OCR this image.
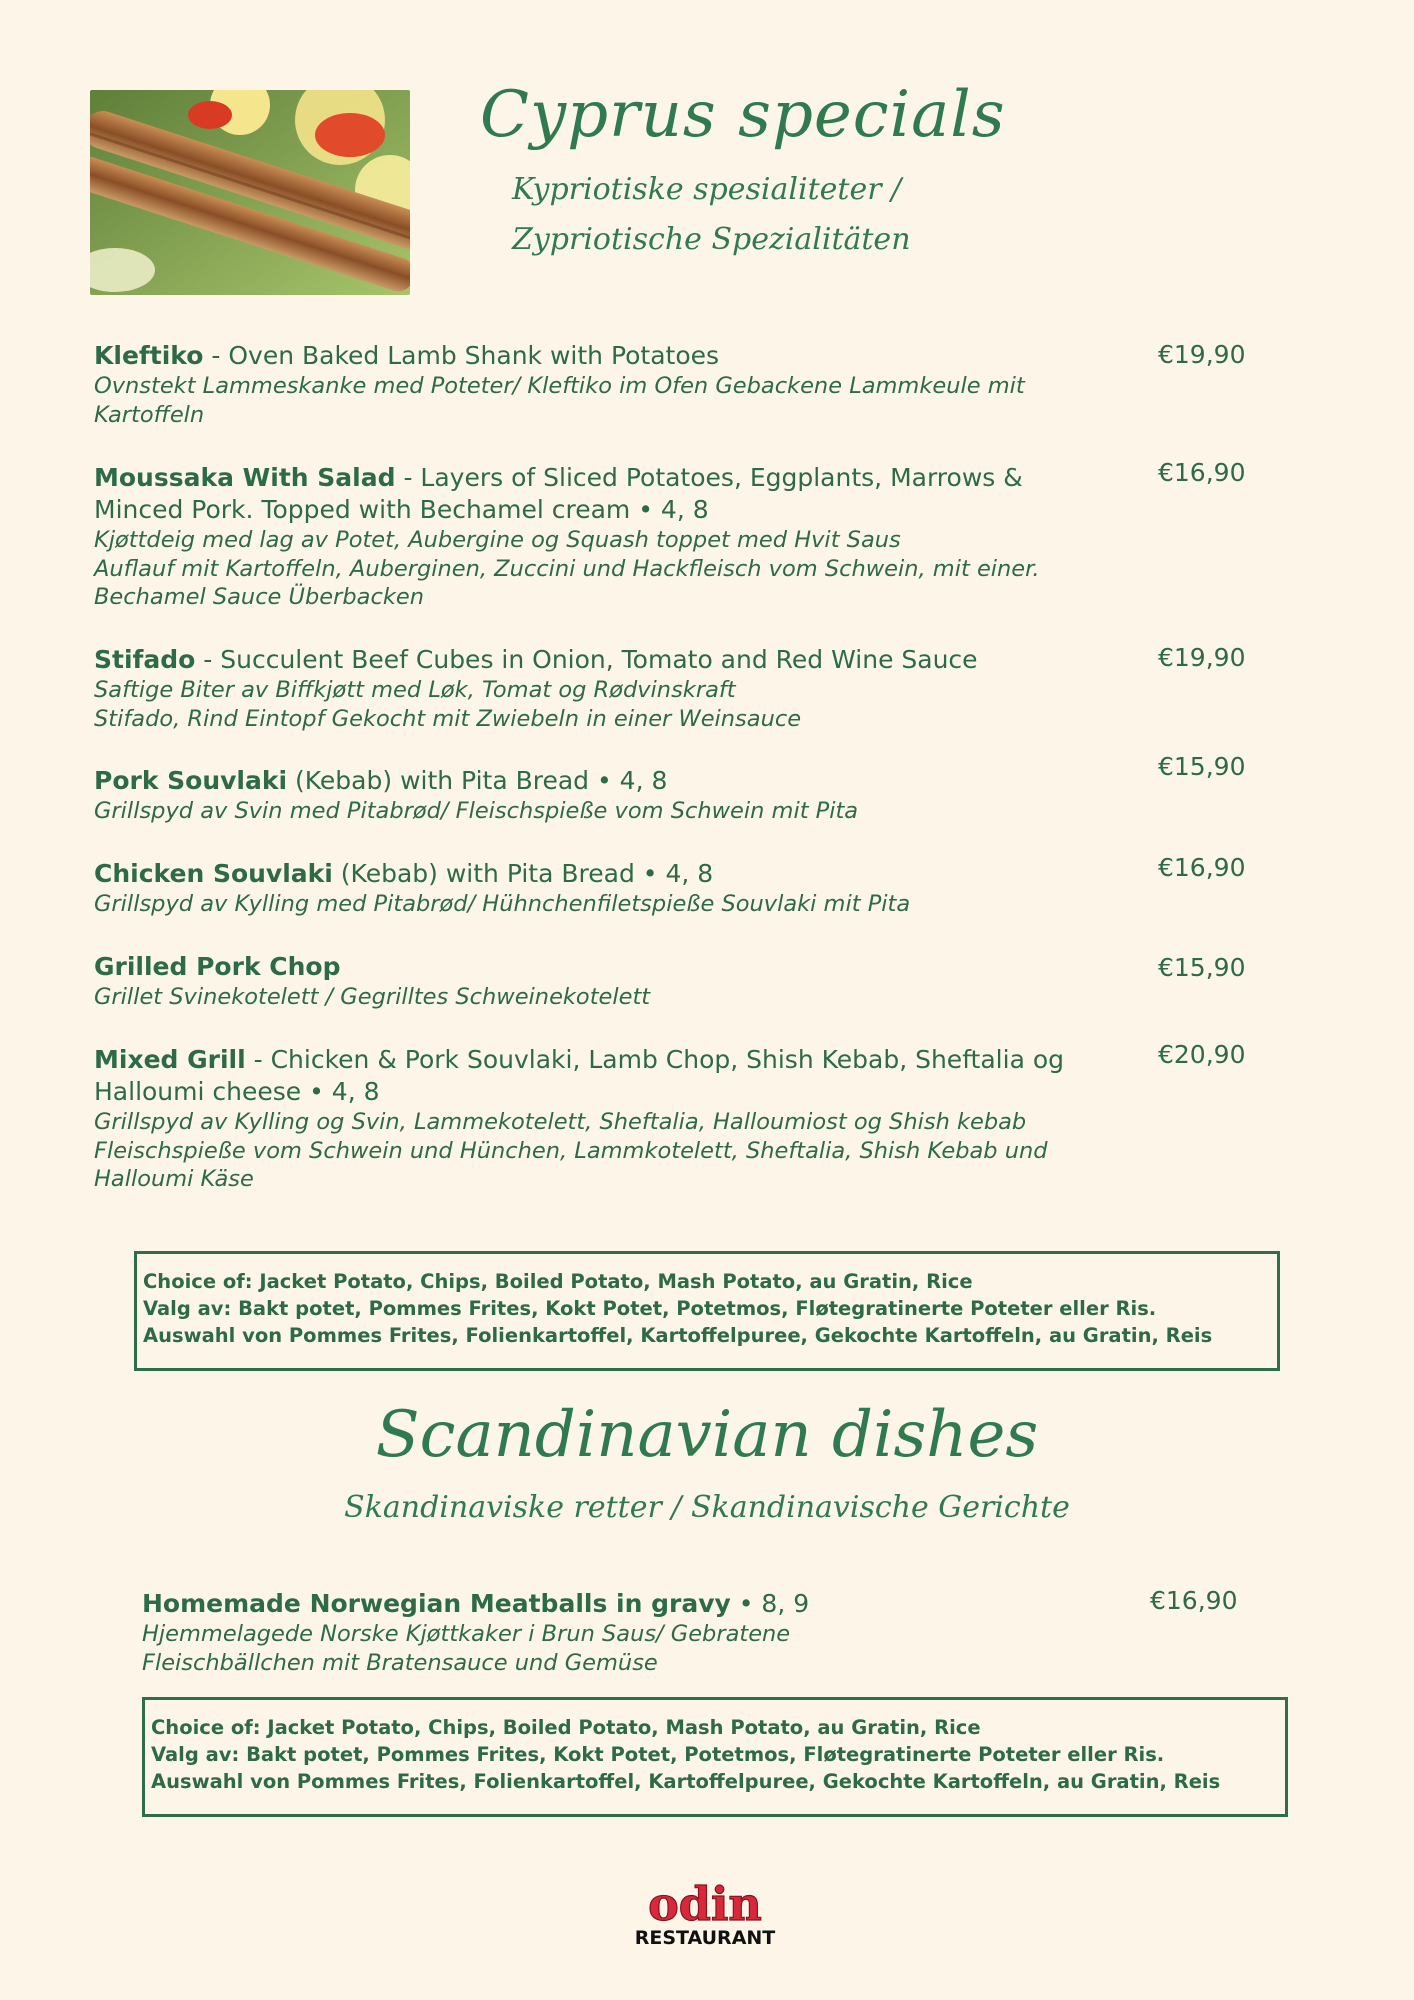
Cyprus specials
Kypriotiske spesialiteter /
Zypriotische Spezialitäten
Kleftiko - Oven Baked Lamb Shank with Potatoes
Ovnstekt Lammeskanke med Poteter/ Kleftiko im Ofen Gebackene Lammkeule mit
Kartoffeln
€19,90
Moussaka With Salad - Layers of Sliced Potatoes, Eggplants, Marrows &
Minced Pork. Topped with Bechamel cream • 4, 8
Kjøttdeig med lag av Potet, Aubergine og Squash toppet med Hvit Saus
Auflauf mit Kartoffeln, Auberginen, Zuccini und Hackfleisch vom Schwein, mit einer.
Bechamel Sauce Überbacken
€16,90
Stifado - Succulent Beef Cubes in Onion, Tomato and Red Wine Sauce
Saftige Biter av Biffkjøtt med Løk, Tomat og Rødvinskraft
Stifado, Rind Eintopf Gekocht mit Zwiebeln in einer Weinsauce
€19,90
Pork Souvlaki (Kebab) with Pita Bread • 4, 8
Grillspyd av Svin med Pitabrød/ Fleischspieße vom Schwein mit Pita
€15,90
Chicken Souvlaki (Kebab) with Pita Bread • 4, 8
Grillspyd av Kylling med Pitabrød/ Hühnchenfiletspieße Souvlaki mit Pita
€16,90
Grilled Pork Chop
Grillet Svinekotelett / Gegrilltes Schweinekotelett
€15,90
Mixed Grill - Chicken & Pork Souvlaki, Lamb Chop, Shish Kebab, Sheftalia og
Halloumi cheese • 4, 8
Grillspyd av Kylling og Svin, Lammekotelett, Sheftalia, Halloumiost og Shish kebab
Fleischspieße vom Schwein und Hünchen, Lammkotelett, Sheftalia, Shish Kebab und
Halloumi Käse
€20,90
Choice of: Jacket Potato, Chips, Boiled Potato, Mash Potato, au Gratin, Rice
Valg av: Bakt potet, Pommes Frites, Kokt Potet, Potetmos, Fløtegratinerte Poteter eller Ris.
Auswahl von Pommes Frites, Folienkartoffel, Kartoffelpuree, Gekochte Kartoffeln, au Gratin, Reis
Scandinavian dishes
Skandinaviske retter / Skandinavische Gerichte
Homemade Norwegian Meatballs in gravy • 8, 9
Hjemmelagede Norske Kjøttkaker i Brun Saus/ Gebratene
Fleischbällchen mit Bratensauce und Gemüse
€16,90
Choice of: Jacket Potato, Chips, Boiled Potato, Mash Potato, au Gratin, Rice
Valg av: Bakt potet, Pommes Frites, Kokt Potet, Potetmos, Fløtegratinerte Poteter eller Ris.
Auswahl von Pommes Frites, Folienkartoffel, Kartoffelpuree, Gekochte Kartoffeln, au Gratin, Reis
odin
RESTAURANT
